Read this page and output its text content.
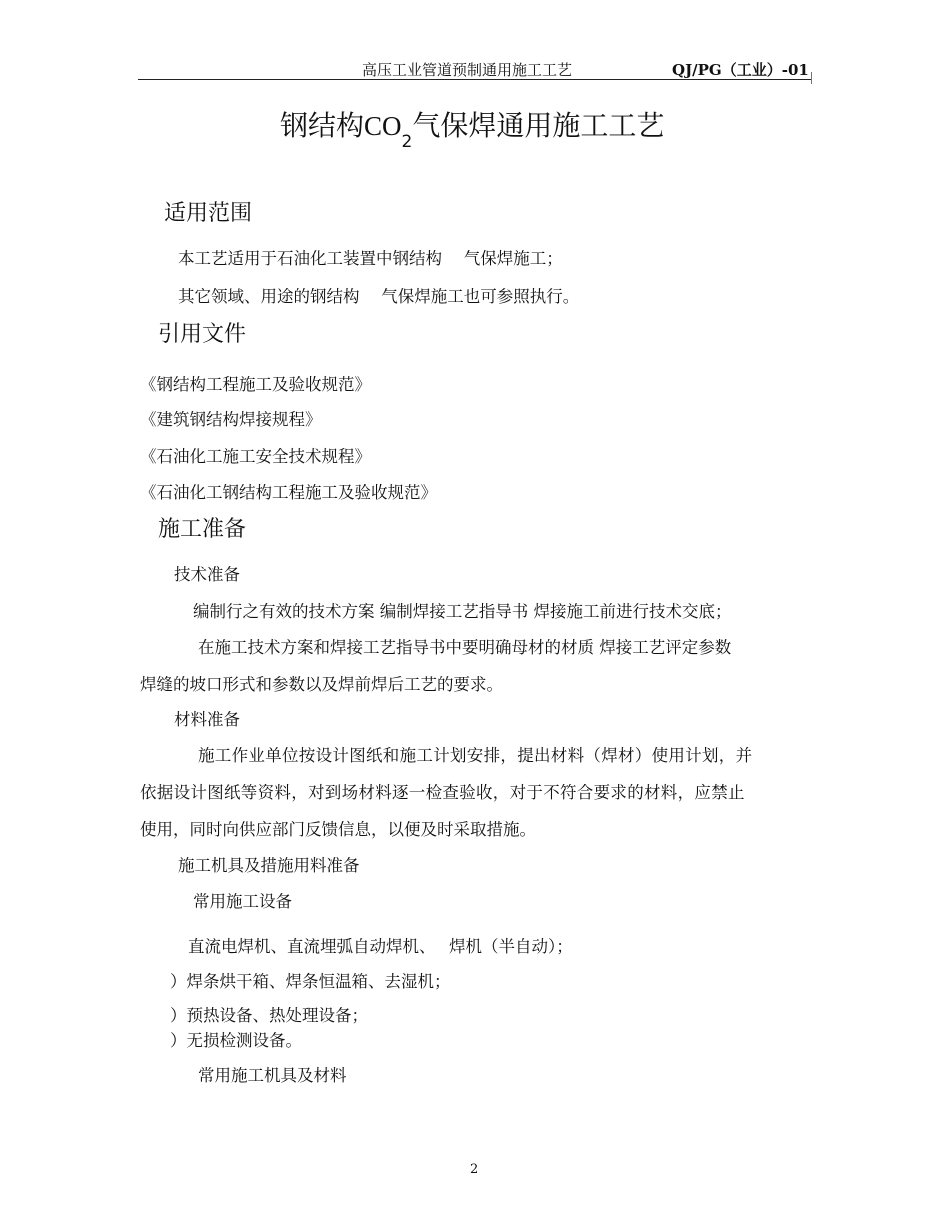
高压工业管道预制通用施工工艺	QJ/PG（工业）-01
钢结构$CO_2$气保焊通用施工工艺
适用范围
本工艺适用于石油化工装置中钢结构　 气保焊施工；
其它领域、用途的钢结构　 气保焊施工也可参照执行。
引用文件
《钢结构工程施工及验收规范》
《建筑钢结构焊接规程》
《石油化工施工安全技术规程》
《石油化工钢结构工程施工及验收规范》
施工准备
技术准备
编制行之有效的技术方案 编制焊接工艺指导书 焊接施工前进行技术交底；
在施工技术方案和焊接工艺指导书中要明确母材的材质 焊接工艺评定参数
焊缝的坡口形式和参数以及焊前焊后工艺的要求。
材料准备
施工作业单位按设计图纸和施工计划安排，提出材料（焊材）使用计划，并
依据设计图纸等资料，对到场材料逐一检查验收，对于不符合要求的材料，应禁止
使用，同时向供应部门反馈信息，以便及时采取措施。
施工机具及措施用料准备
常用施工设备
直流电焊机、直流埋弧自动焊机、　 焊机（半自动）；
）焊条烘干箱、焊条恒温箱、去湿机；
）预热设备、热处理设备；
）无损检测设备。
常用施工机具及材料
2
